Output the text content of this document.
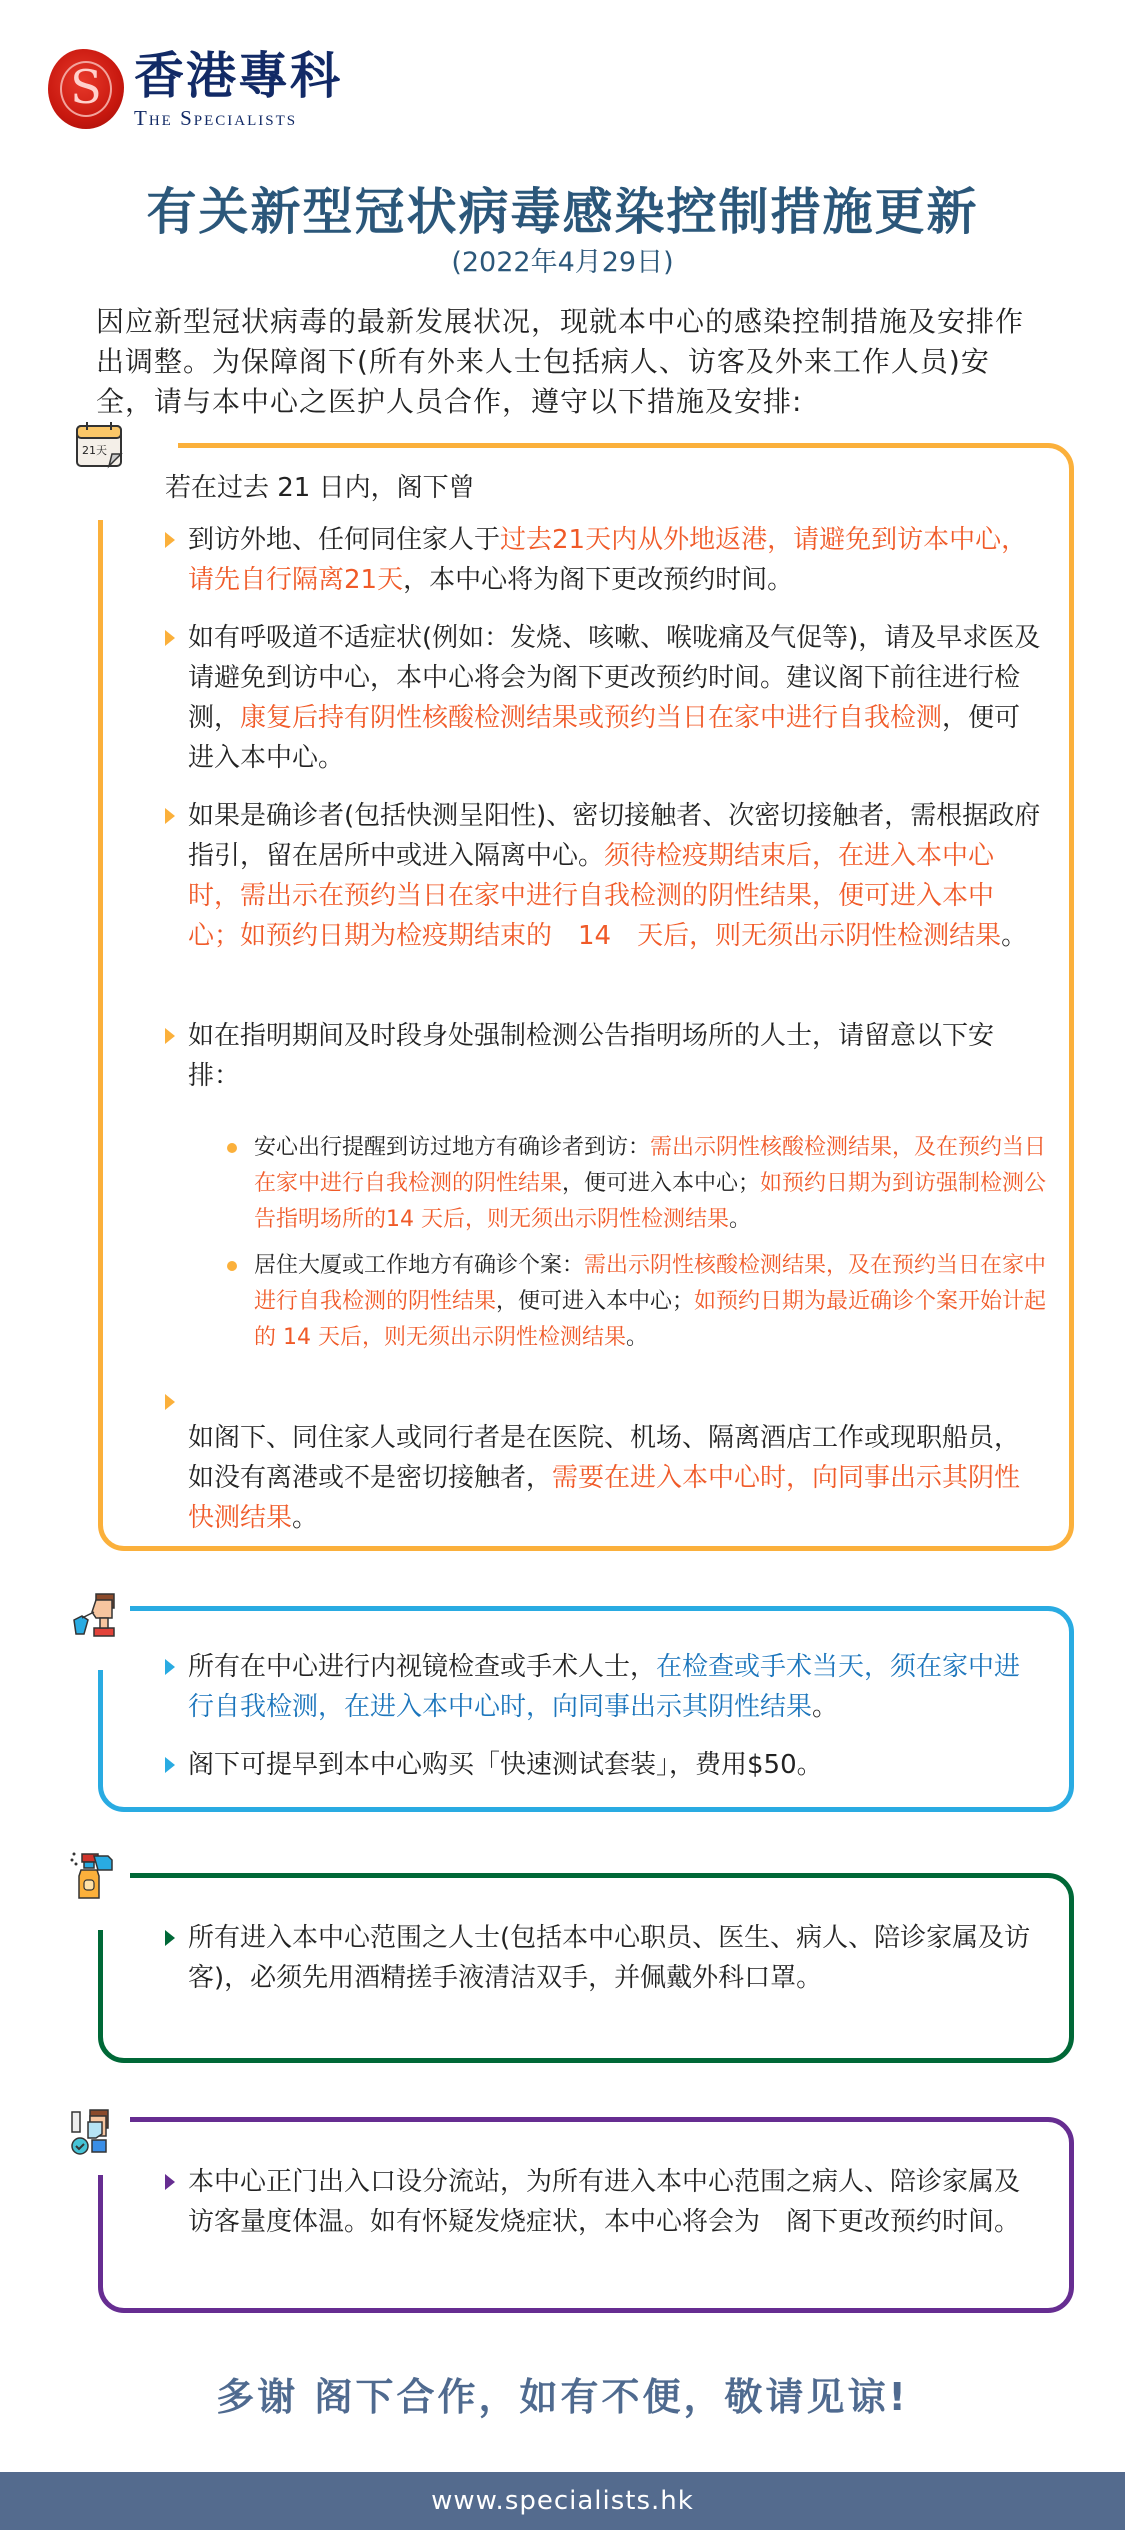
S 香港專科
The Specialists
有关新型冠状病毒感染控制措施更新
(2022年4月29日)
因应新型冠状病毒的最新发展状况，现就本中心的感染控制措施及安排作出调整。为保障阁下(所有外来人士包括病人、访客及外来工作人员)安全，请与本中心之医护人员合作，遵守以下措施及安排:
若在过去 21 日内，阁下曾
到访外地、任何同住家人于过去21天内从外地返港，请避免到访本中心，请先自行隔离21天，本中心将为阁下更改预约时间。
如有呼吸道不适症状(例如：发烧、咳嗽、喉咙痛及气促等)，请及早求医及请避免到访中心，本中心将会为阁下更改预约时间。建议阁下前往进行检测，康复后持有阴性核酸检测结果或预约当日在家中进行自我检测，便可进入本中心。
如果是确诊者(包括快测呈阳性)、密切接触者、次密切接触者，需根据政府指引，留在居所中或进入隔离中心。须待检疫期结束后，在进入本中心时，需出示在预约当日在家中进行自我检测的阴性结果，便可进入本中心；如预约日期为检疫期结束的　14　天后，则无须出示阴性检测结果。
如在指明期间及时段身处强制检测公告指明场所的人士，请留意以下安排：
安心出行提醒到访过地方有确诊者到访：需出示阴性核酸检测结果，及在预约当日在家中进行自我检测的阴性结果，便可进入本中心；如预约日期为到访强制检测公告指明场所的14 天后，则无须出示阴性检测结果。
居住大厦或工作地方有确诊个案：需出示阴性核酸检测结果，及在预约当日在家中进行自我检测的阴性结果，便可进入本中心；如预约日期为最近确诊个案开始计起的 14 天后，则无须出示阴性检测结果。
如阁下、同住家人或同行者是在医院、机场、隔离酒店工作或现职船员，如没有离港或不是密切接触者，需要在进入本中心时，向同事出示其阴性快测结果。
21天
所有在中心进行内视镜检查或手术人士，在检查或手术当天，须在家中进行自我检测，在进入本中心时，向同事出示其阴性结果。
阁下可提早到本中心购买「快速测试套装」，费用$50。
所有进入本中心范围之人士(包括本中心职员、医生、病人、陪诊家属及访客)，必须先用酒精搓手液清洁双手，并佩戴外科口罩。
本中心正门出入口设分流站，为所有进入本中心范围之病人、陪诊家属及访客量度体温。如有怀疑发烧症状，本中心将会为　阁下更改预约时间。
多谢 阁下合作，如有不便，敬请见谅!
www.specialists.hk
